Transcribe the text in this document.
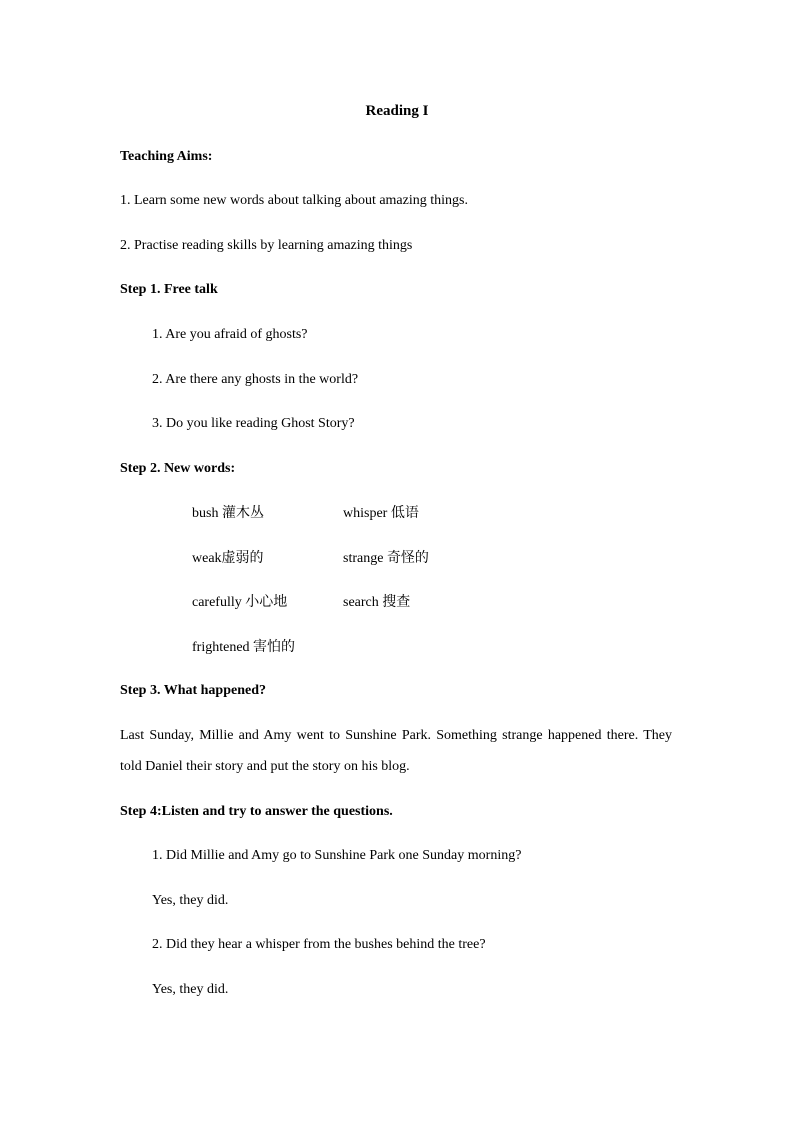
Reading I
Teaching Aims:
1. Learn some new words about talking about amazing things.
2. Practise reading skills by learning amazing things
Step 1. Free talk
1. Are you afraid of ghosts?
2. Are there any ghosts in the world?
3. Do you like reading Ghost Story?
Step 2. New words:
bush 灌木丛	whisper 低语
weak虚弱的	strange 奇怪的
carefully 小心地	search 搜查
frightened 害怕的
Step 3. What happened?
Last Sunday, Millie and Amy went to Sunshine Park. Something strange happened there. They told Daniel their story and put the story on his blog.
Step 4:Listen and try to answer the questions.
1. Did Millie and Amy go to Sunshine Park one Sunday morning?
Yes, they did.
2. Did they hear a whisper from the bushes behind the tree?
Yes, they did.
